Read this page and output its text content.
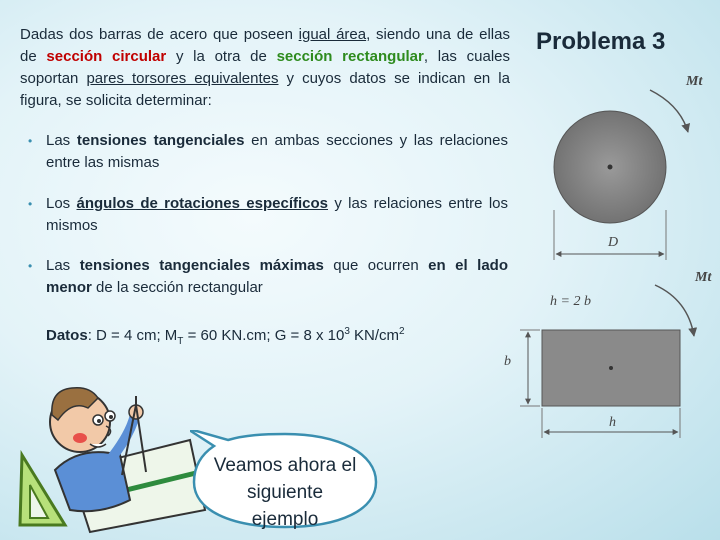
Dadas dos barras de acero que poseen igual área, siendo una de ellas de sección circular y la otra de sección rectangular, las cuales soportan pares torsores equivalentes y cuyos datos se indican en la figura, se solicita determinar:
• Las tensiones tangenciales en ambas secciones y las relaciones entre las mismas
• Los ángulos de rotaciones específicos y las relaciones entre los mismos
• Las tensiones tangenciales máximas que ocurren en el lado menor de la sección rectangular
Datos: D = 4 cm; $M_T = 60$ KN.cm; G = 8 x $10^3$ $KN/cm^2$
Problema 3
Mt
D
Mt
h = 2 b
b
h
Veamos ahora el siguiente
ejemplo
